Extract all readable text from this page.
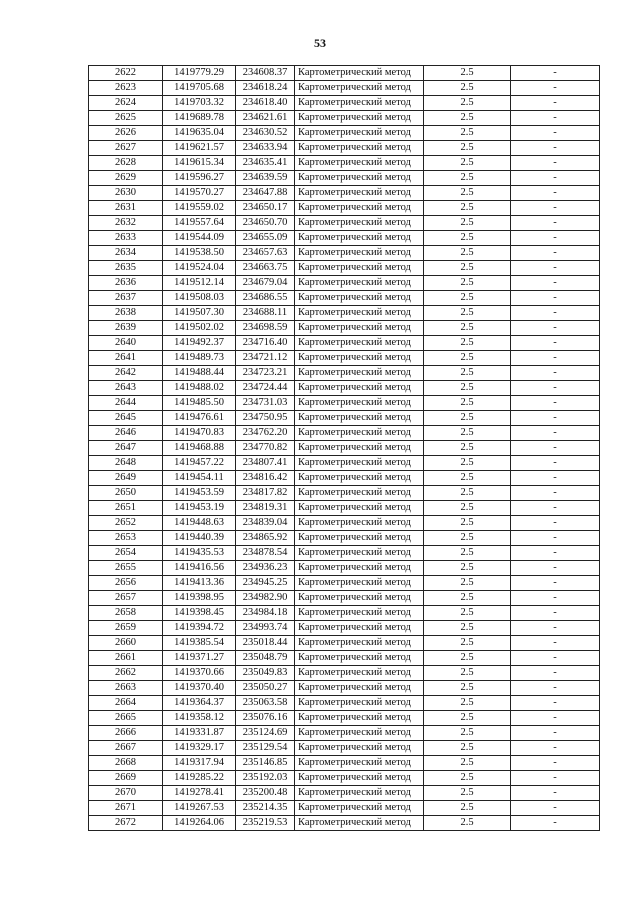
53
2622	1419779.29	234608.37	Картометрический метод	2.5	-
2623	1419705.68	234618.24	Картометрический метод	2.5	-
2624	1419703.32	234618.40	Картометрический метод	2.5	-
2625	1419689.78	234621.61	Картометрический метод	2.5	-
2626	1419635.04	234630.52	Картометрический метод	2.5	-
2627	1419621.57	234633.94	Картометрический метод	2.5	-
2628	1419615.34	234635.41	Картометрический метод	2.5	-
2629	1419596.27	234639.59	Картометрический метод	2.5	-
2630	1419570.27	234647.88	Картометрический метод	2.5	-
2631	1419559.02	234650.17	Картометрический метод	2.5	-
2632	1419557.64	234650.70	Картометрический метод	2.5	-
2633	1419544.09	234655.09	Картометрический метод	2.5	-
2634	1419538.50	234657.63	Картометрический метод	2.5	-
2635	1419524.04	234663.75	Картометрический метод	2.5	-
2636	1419512.14	234679.04	Картометрический метод	2.5	-
2637	1419508.03	234686.55	Картометрический метод	2.5	-
2638	1419507.30	234688.11	Картометрический метод	2.5	-
2639	1419502.02	234698.59	Картометрический метод	2.5	-
2640	1419492.37	234716.40	Картометрический метод	2.5	-
2641	1419489.73	234721.12	Картометрический метод	2.5	-
2642	1419488.44	234723.21	Картометрический метод	2.5	-
2643	1419488.02	234724.44	Картометрический метод	2.5	-
2644	1419485.50	234731.03	Картометрический метод	2.5	-
2645	1419476.61	234750.95	Картометрический метод	2.5	-
2646	1419470.83	234762.20	Картометрический метод	2.5	-
2647	1419468.88	234770.82	Картометрический метод	2.5	-
2648	1419457.22	234807.41	Картометрический метод	2.5	-
2649	1419454.11	234816.42	Картометрический метод	2.5	-
2650	1419453.59	234817.82	Картометрический метод	2.5	-
2651	1419453.19	234819.31	Картометрический метод	2.5	-
2652	1419448.63	234839.04	Картометрический метод	2.5	-
2653	1419440.39	234865.92	Картометрический метод	2.5	-
2654	1419435.53	234878.54	Картометрический метод	2.5	-
2655	1419416.56	234936.23	Картометрический метод	2.5	-
2656	1419413.36	234945.25	Картометрический метод	2.5	-
2657	1419398.95	234982.90	Картометрический метод	2.5	-
2658	1419398.45	234984.18	Картометрический метод	2.5	-
2659	1419394.72	234993.74	Картометрический метод	2.5	-
2660	1419385.54	235018.44	Картометрический метод	2.5	-
2661	1419371.27	235048.79	Картометрический метод	2.5	-
2662	1419370.66	235049.83	Картометрический метод	2.5	-
2663	1419370.40	235050.27	Картометрический метод	2.5	-
2664	1419364.37	235063.58	Картометрический метод	2.5	-
2665	1419358.12	235076.16	Картометрический метод	2.5	-
2666	1419331.87	235124.69	Картометрический метод	2.5	-
2667	1419329.17	235129.54	Картометрический метод	2.5	-
2668	1419317.94	235146.85	Картометрический метод	2.5	-
2669	1419285.22	235192.03	Картометрический метод	2.5	-
2670	1419278.41	235200.48	Картометрический метод	2.5	-
2671	1419267.53	235214.35	Картометрический метод	2.5	-
2672	1419264.06	235219.53	Картометрический метод	2.5	-
